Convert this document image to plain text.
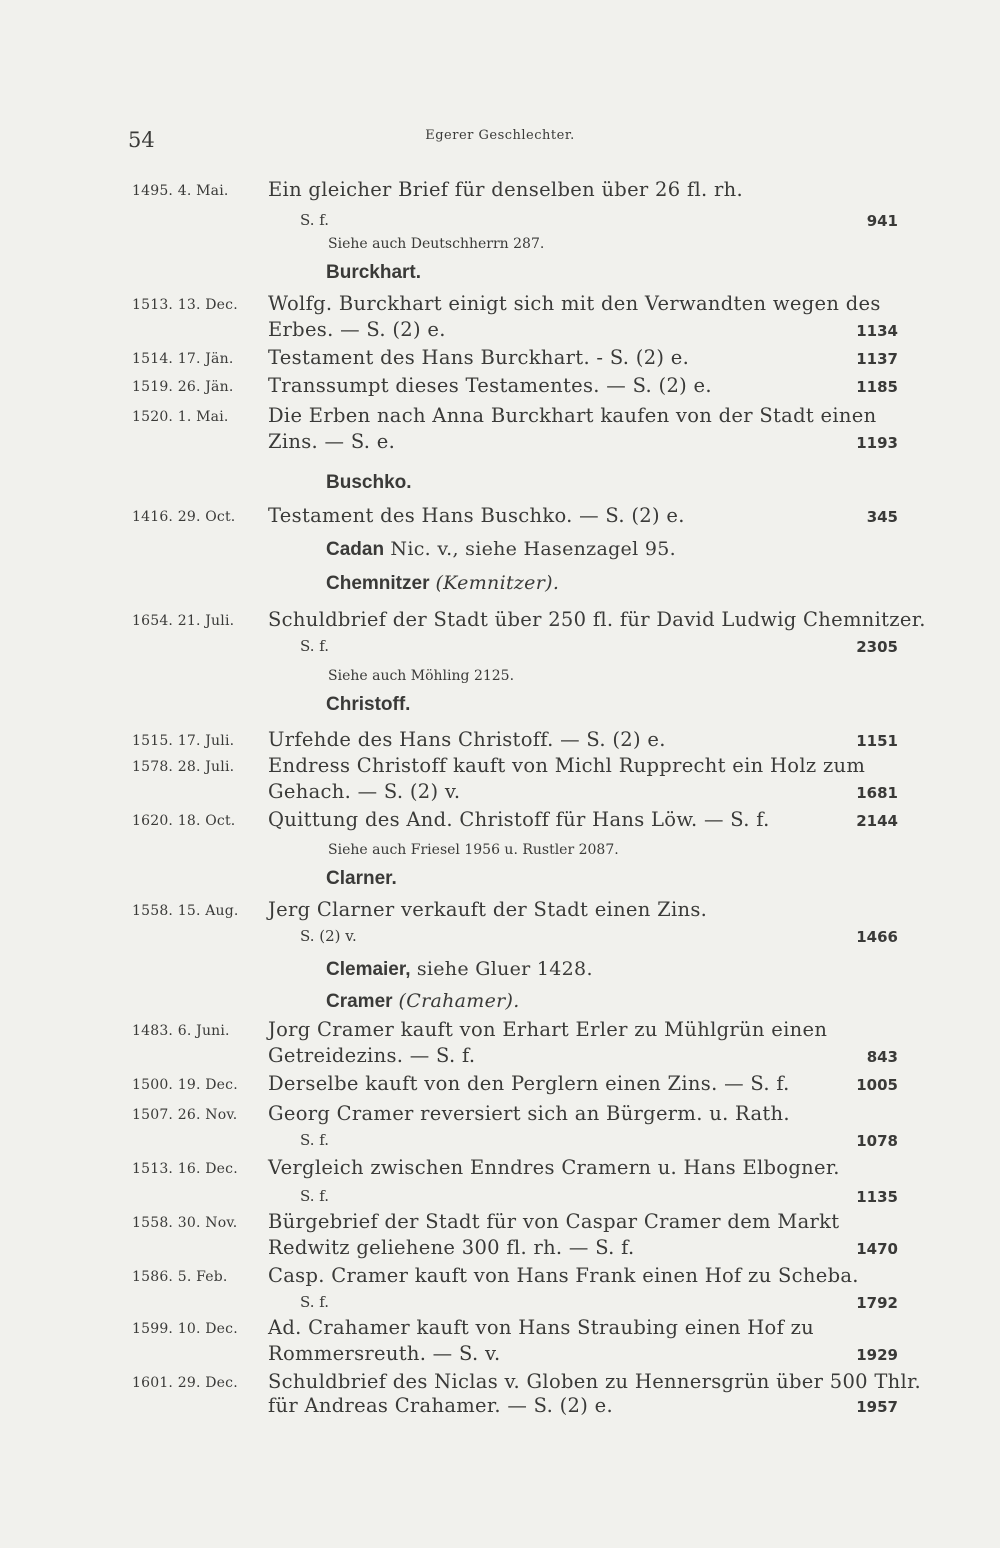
54	Egerer Geschlechter.
1495. 4. Mai. Ein gleicher Brief für denselben über 26 fl. rh.
S. f.	941
Siehe auch Deutschherrn 287.
Burckhart.
1513. 13. Dec. Wolfg. Burckhart einigt sich mit den Verwandten wegen des
Erbes. — S. (2) e.	1134
1514. 17. Jän. Testament des Hans Burckhart. - S. (2) e.	1137
1519. 26. Jän. Transsumpt dieses Testamentes. — S. (2) e.	1185
1520. 1. Mai. Die Erben nach Anna Burckhart kaufen von der Stadt einen
Zins. — S. e.	1193
Buschko.
1416. 29. Oct. Testament des Hans Buschko. — S. (2) e.	345
Cadan Nic. v., siehe Hasenzagel 95.
Chemnitzer (Kemnitzer).
1654. 21. Juli. Schuldbrief der Stadt über 250 fl. für David Ludwig Chemnitzer.
S. f.	2305
Siehe auch Möhling 2125.
Christoff.
1515. 17. Juli. Urfehde des Hans Christoff. — S. (2) e.	1151
1578. 28. Juli. Endress Christoff kauft von Michl Rupprecht ein Holz zum
Gehach. — S. (2) v.	1681
1620. 18. Oct. Quittung des And. Christoff für Hans Löw. — S. f.	2144
Siehe auch Friesel 1956 u. Rustler 2087.
Clarner.
1558. 15. Aug. Jerg Clarner verkauft der Stadt einen Zins.
S. (2) v.	1466
Clemaier, siehe Gluer 1428.
Cramer (Crahamer).
1483. 6. Juni. Jorg Cramer kauft von Erhart Erler zu Mühlgrün einen
Getreidezins. — S. f.	843
1500. 19. Dec. Derselbe kauft von den Perglern einen Zins. — S. f.	1005
1507. 26. Nov. Georg Cramer reversiert sich an Bürgerm. u. Rath.
S. f.	1078
1513. 16. Dec. Vergleich zwischen Enndres Cramern u. Hans Elbogner.
S. f.	1135
1558. 30. Nov. Bürgebrief der Stadt für von Caspar Cramer dem Markt
Redwitz geliehene 300 fl. rh. — S. f.	1470
1586. 5. Feb. Casp. Cramer kauft von Hans Frank einen Hof zu Scheba.
S. f.	1792
1599. 10. Dec. Ad. Crahamer kauft von Hans Straubing einen Hof zu
Rommersreuth. — S. v.	1929
1601. 29. Dec. Schuldbrief des Niclas v. Globen zu Hennersgrün über 500 Thlr.
für Andreas Crahamer. — S. (2) e.	1957
